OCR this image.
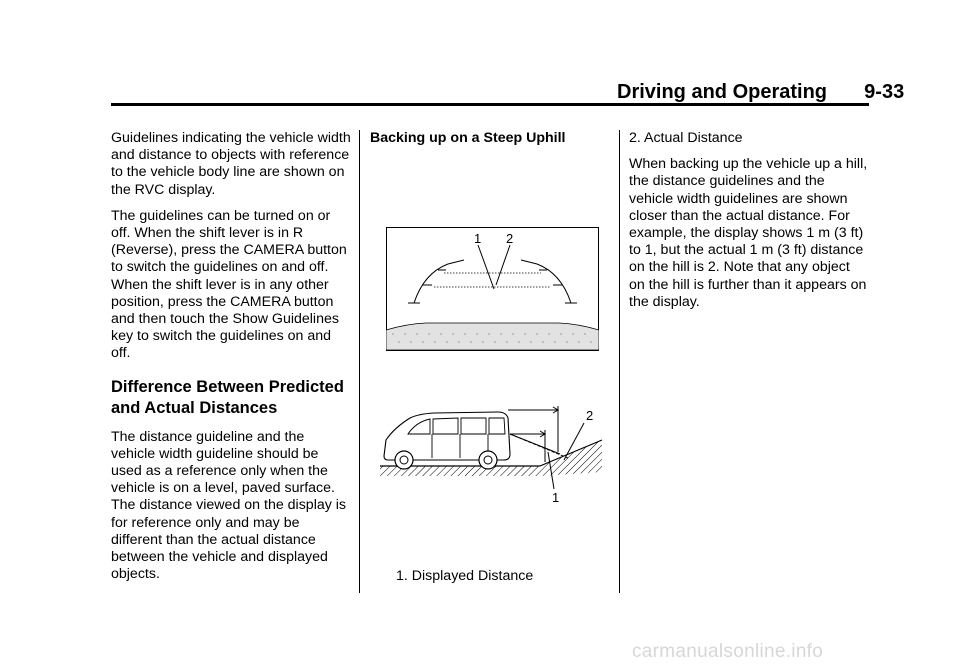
Driving and Operating 9-33

Guidelines indicating the vehicle width and distance to objects with reference to the vehicle body line are shown on the RVC display.

The guidelines can be turned on or off. When the shift lever is in R (Reverse), press the CAMERA button to switch the guidelines on and off. When the shift lever is in any other position, press the CAMERA button and then touch the Show Guidelines key to switch the guidelines on and off.

Difference Between Predicted and Actual Distances

The distance guideline and the vehicle width guideline should be used as a reference only when the vehicle is on a level, paved surface. The distance viewed on the display is for reference only and may be different than the actual distance between the vehicle and displayed objects.

Backing up on a Steep Uphill
1 2
2
1
1. Displayed Distance

2. Actual Distance

When backing up the vehicle up a hill, the distance guidelines and the vehicle width guidelines are shown closer than the actual distance. For example, the display shows 1 m (3 ft) to 1, but the actual 1 m (3 ft) distance on the hill is 2. Note that any object on the hill is further than it appears on the display.

carmanualsonline.info
